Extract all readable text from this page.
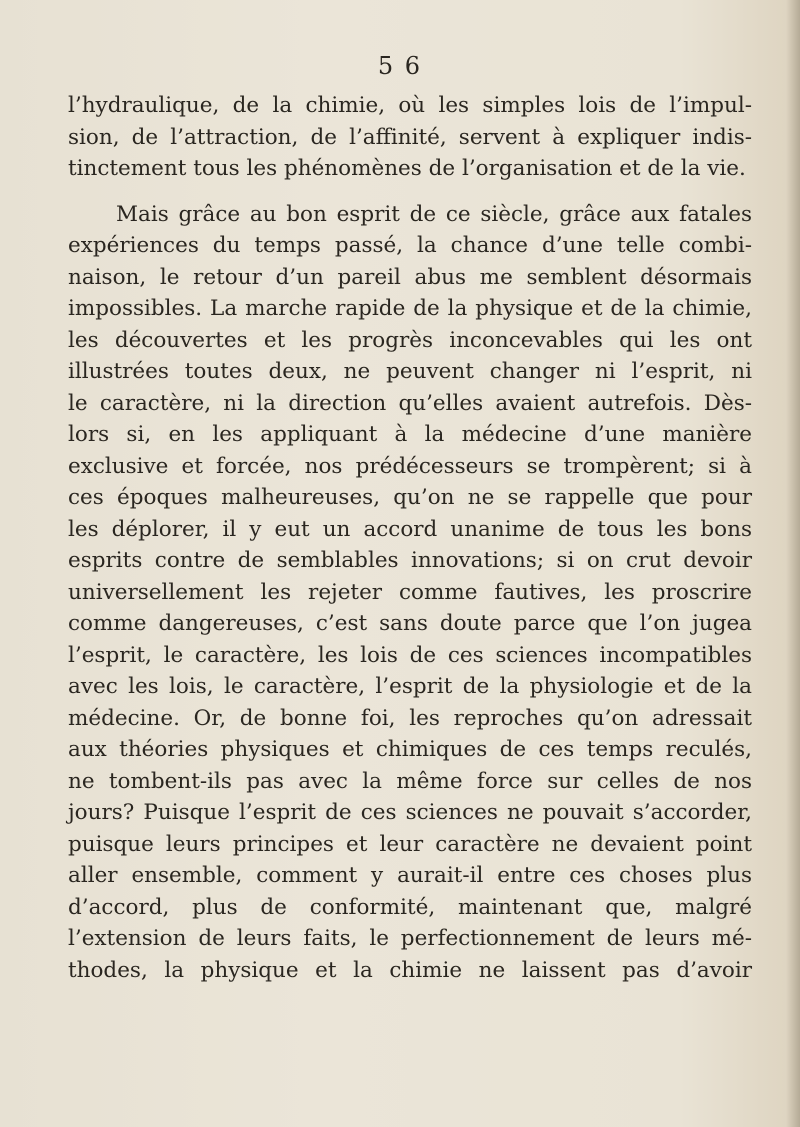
5 6
l’hydraulique, de la chimie, où les simples lois de l’impul-
sion, de l’attraction, de l’affinité, servent à expliquer indis-
tinctement tous les phénomènes de l’organisation et de la vie.
Mais grâce au bon esprit de ce siècle, grâce aux fatales
expériences du temps passé, la chance d’une telle combi-
naison, le retour d’un pareil abus me semblent désormais
impossibles. La marche rapide de la physique et de la chimie,
les découvertes et les progrès inconcevables qui les ont
illustrées toutes deux, ne peuvent changer ni l’esprit, ni
le caractère, ni la direction qu’elles avaient autrefois. Dès-
lors si, en les appliquant à la médecine d’une manière
exclusive et forcée, nos prédécesseurs se trompèrent; si à
ces époques malheureuses, qu’on ne se rappelle que pour
les déplorer, il y eut un accord unanime de tous les bons
esprits contre de semblables innovations; si on crut devoir
universellement les rejeter comme fautives, les proscrire
comme dangereuses, c’est sans doute parce que l’on jugea
l’esprit, le caractère, les lois de ces sciences incompatibles
avec les lois, le caractère, l’esprit de la physiologie et de la
médecine. Or, de bonne foi, les reproches qu’on adressait
aux théories physiques et chimiques de ces temps reculés,
ne tombent-ils pas avec la même force sur celles de nos
jours? Puisque l’esprit de ces sciences ne pouvait s’accorder,
puisque leurs principes et leur caractère ne devaient point
aller ensemble, comment y aurait-il entre ces choses plus
d’accord, plus de conformité, maintenant que, malgré
l’extension de leurs faits, le perfectionnement de leurs mé-
thodes, la physique et la chimie ne laissent pas d’avoir
